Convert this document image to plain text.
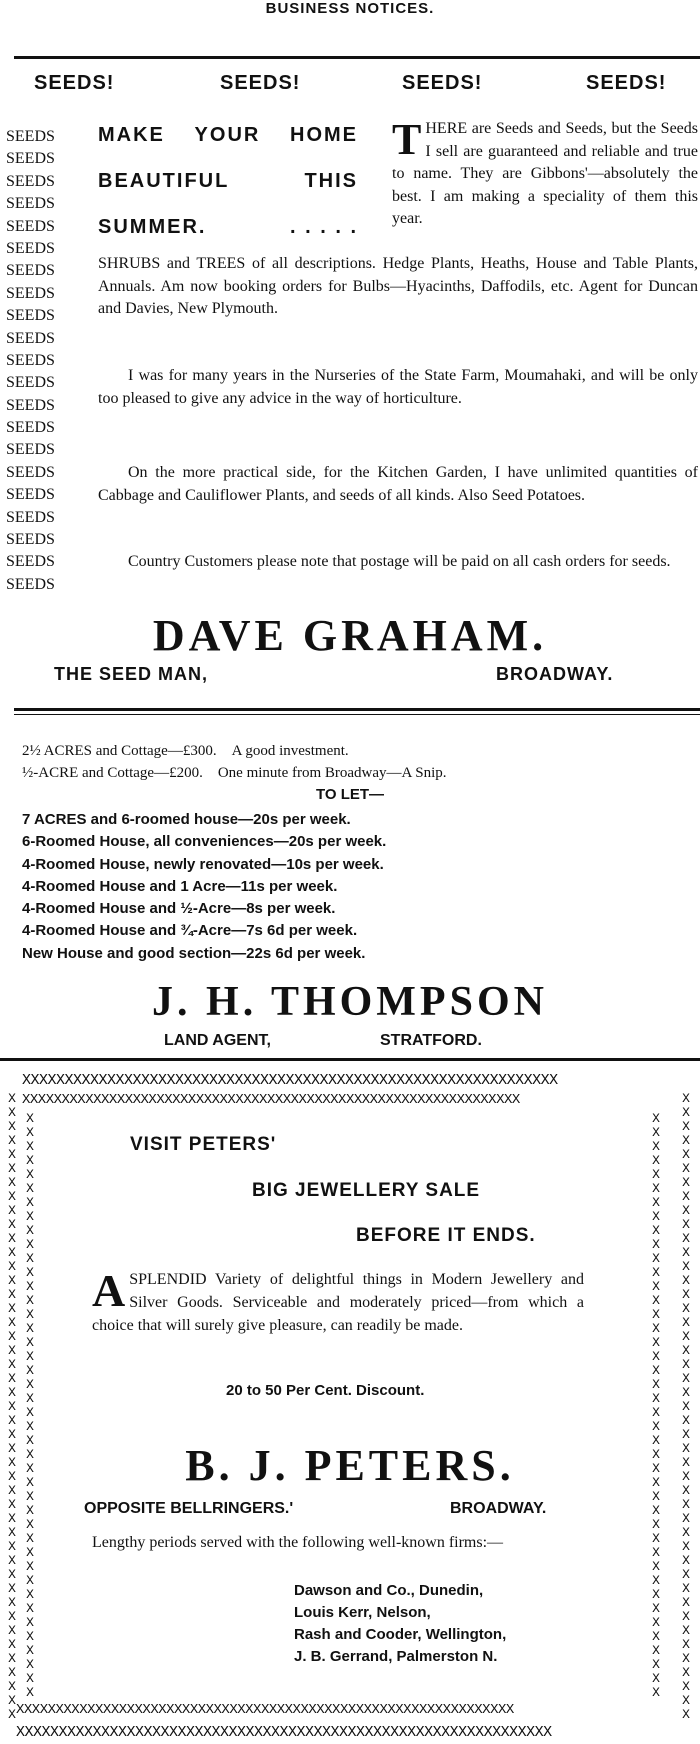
BUSINESS NOTICES.
SEEDS!	SEEDS!	SEEDS!	SEEDS!
SEEDS
SEEDS
SEEDS
SEEDS
SEEDS
SEEDS
SEEDS
SEEDS
SEEDS
SEEDS
SEEDS
SEEDS
SEEDS
SEEDS
SEEDS
SEEDS
SEEDS
SEEDS
SEEDS
SEEDS
SEEDS
MAKE YOUR HOME
BEAUTIFUL	THIS
SUMMER.	. . . . .
THERE are Seeds and Seeds, but the Seeds I sell are guaranteed and reliable and true to name. They are Gibbons'—absolutely the best. I am making a speciality of them this year.
SHRUBS and TREES of all descriptions. Hedge Plants, Heaths, House and Table Plants, Annuals. Am now booking orders for Bulbs—Hyacinths, Daffodils, etc. Agent for Duncan and Davies, New Plymouth.
I was for many years in the Nurseries of the State Farm, Moumahaki, and will be only too pleased to give any advice in the way of horticulture.
On the more practical side, for the Kitchen Garden, I have unlimited quantities of Cabbage and Cauliflower Plants, and seeds of all kinds. Also Seed Potatoes.
Country Customers please note that postage will be paid on all cash orders for seeds.
DAVE GRAHAM.
THE SEED MAN,	BROADWAY.
2½ ACRES and Cottage—£300. A good investment.
½-ACRE and Cottage—£200. One minute from Broadway—A Snip.
TO LET—
7 ACRES and 6-roomed house—20s per week.
6-Roomed House, all conveniences—20s per week.
4-Roomed House, newly renovated—10s per week.
4-Roomed House and 1 Acre—11s per week.
4-Roomed House and ½-Acre—8s per week.
4-Roomed House and ¾-Acre—7s 6d per week.
New House and good section—22s 6d per week.
J. H. THOMPSON
LAND AGENT,	STRATFORD.
XXXXXXXXXXXXXXXXXXXXXXXXXXXXXXXXXXXXXXXXXXXXXXXXXXXXXXXXXXXXXXX
XXXXXXXXXXXXXXXXXXXXXXXXXXXXXXXXXXXXXXXXXXXXXXXXXXXXXXXXXXXXXXX
XXXXXXXXXXXXXXXXXXXXXXXXXXXXXXXXXXXXXXXXXXXXXXXXXXXXXXXXXXXXXXX
XXXXXXXXXXXXXXXXXXXXXXXXXXXXXXXXXXXXXXXXXXXXXXXXXXXXXXXXXXXXXXX
X X X X X X X X X X X X X X X X X X X X X X X X X X X X X X X X X X X X X X X X X X X X X
X X X X X X X X X X X X X X X X X X X X X X X X X X X X X X X X X X X X X X X X X X
X X X X X X X X X X X X X X X X X X X X X X X X X X X X X X X X X X X X X X X X X X
X X X X X X X X X X X X X X X X X X X X X X X X X X X X X X X X X X X X X X X X X X X X X
VISIT PETERS'
BIG JEWELLERY SALE
BEFORE IT ENDS.
ASPLENDID Variety of delightful things in Modern Jewellery and Silver Goods. Serviceable and moderately priced—from which a choice that will surely give pleasure, can readily be made.
20 to 50 Per Cent. Discount.
B. J. PETERS.
OPPOSITE BELLRINGERS.'	BROADWAY.
Lengthy periods served with the following well-known firms:—
Dawson and Co., Dunedin,
Louis Kerr, Nelson,
Rash and Cooder, Wellington,
J. B. Gerrand, Palmerston N.
